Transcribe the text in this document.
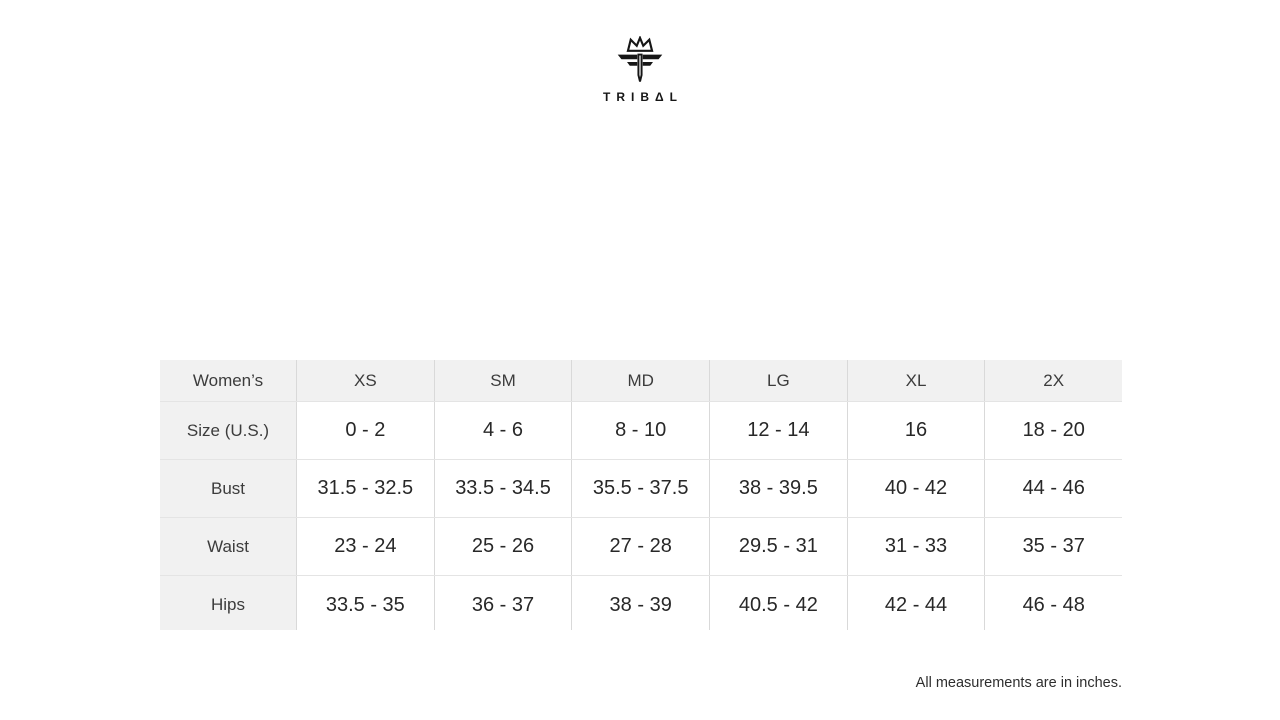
TRIBΔL
Women’s	XS	SM	MD	LG	XL	2X
Size (U.S.)	0 - 2	4 - 6	8 - 10	12 - 14	16	18 - 20
Bust	31.5 - 32.5	33.5 - 34.5	35.5 - 37.5	38 - 39.5	40 - 42	44 - 46
Waist	23 - 24	25 - 26	27 - 28	29.5 - 31	31 - 33	35 - 37
Hips	33.5 - 35	36 - 37	38 - 39	40.5 - 42	42 - 44	46 - 48
All measurements are in inches.
